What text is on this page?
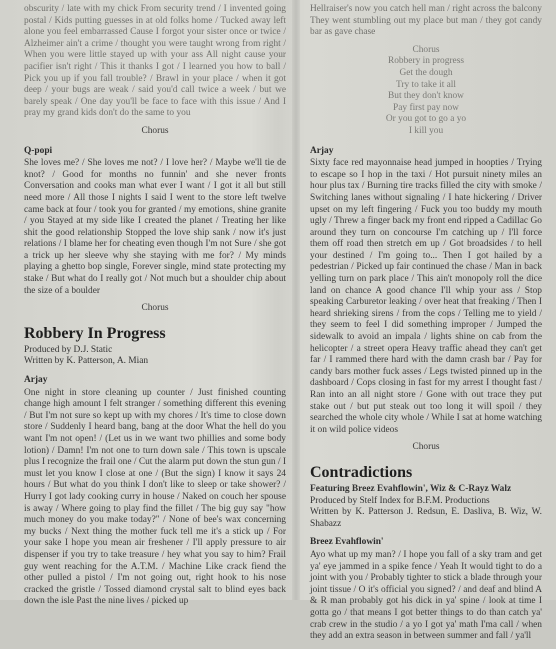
obscurity / late with my chick From security trend / I invented going postal / Kids putting guesses in at old folks home / Tucked away left alone you feel embarrassed Cause I forgot your sister once or twice / Alzheimer ain't a crime / thought you were taught wrong from right / When you were little stayed up with your ass All night cause your pacifier isn't right / This it thanks I got / I learned you how to ball / Pick you up if you fall trouble? / Brawl in your place / when it got deep / your bugs are weak / said you'd call twice a week / but we barely speak / One day you'll be face to face with this issue / And I pray my grand kids don't do the same to you

Chorus
Q-popi

She loves me? / She loves me not? / I love her? / Maybe we'll tie de knot? / Good for months no funnin' and she never fronts Conversation and cooks man what ever I want / I got it all but still need more / All those I nights I said I went to the store left twelve came back at four / took you for granted / my emotions, shine granite / you Stayed at my side like I created the planet / Treating her like shit the good relationship Stopped the love ship sank / now it's just relations / I blame her for cheating even though I'm not Sure / she got a trick up her sleeve why she staying with me for? / My minds playing a ghetto bop single, Forever single, mind state protecting my stake / But what do I really got / Not much but a shoulder chip about the size of a boulder

Chorus
Robbery In Progress
Produced by D.J. Static
Written by K. Patterson, A. Mian
Arjay

One night in store cleaning up counter / Just finished counting change high amount I felt stranger / something different this evening / But I'm not sure so kept up with my chores / It's time to close down store / Suddenly I heard bang, bang at the door What the hell do you want I'm not open! / (Let us in we want two phillies and some body lotion) / Damn! I'm not one to turn down sale / This town is upscale plus I recognize the frail one / Cut the alarm put down the stun gun / I must let you know I close at one / (But the sign) I know it says 24 hours / But what do you think I don't like to sleep or take shower? / Hurry I got lady cooking curry in house / Naked on couch her spouse is away / Where going to play find the fillet / The big guy say "how much money do you make today?" / None of bee's wax concerning my bucks / Next thing the mother fuck tell me it's a stick up / For your sake I hope you mean air freshener / I'll apply pressure to air dispenser if you try to take treasure / hey what you say to him? Frail guy went reaching for the A.T.M. / Machine Like crack fiend the other pulled a pistol / I'm not going out, right hook to his nose cracked the gristle / Tossed diamond crystal salt to blind eyes back down the isle Past the nine lives / picked up

Hellraiser's now you catch hell man / right across the balcony They went stumbling out my place but man / they got candy bar as gave chase

Chorus
Robbery in progress
Get the dough
Try to take it all
But they don't know
Pay first pay now
Or you got to go a yo
I kill you
Arjay

Sixty face red mayonnaise head jumped in hoopties / Trying to escape so I hop in the taxi / Hot pursuit ninety miles an hour plus tax / Burning tire tracks filled the city with smoke / Switching lanes without signaling / I hate hickering / Driver upset on my left fingering / Fuck you too buddy my mouth ugly / Threw a finger back my front end ripped a Cadillac Go around they turn on concourse I'm catching up / I'll force them off road then stretch em up / Got broadsides / to hell your destined / I'm going to... Then I got hailed by a pedestrian / Picked up fair continued the chase / Man in back yelling turn on park place / This ain't monopoly roll the dice land on chance A good chance I'll whip your ass / Stop speaking Carburetor leaking / over heat that freaking / Then I heard shrieking sirens / from the cops / Telling me to yield / they seem to feel I did something improper / Jumped the sidewalk to avoid an impala / lights shine on cab from the helicopter / a street opera Heavy traffic ahead they can't get far / I rammed there hard with the damn crash bar / Pay for candy bars mother fuck asses / Legs twisted pinned up in the dashboard / Cops closing in fast for my arrest I thought fast / Ran into an all night store / Gone with out trace they put stake out / but put steak out too long it will spoil / they searched the whole city whole / While I sat at home watching it on wild police videos

Chorus
Contradictions
Featuring Breez Evahflowin', Wiz & C-Rayz Walz
Produced by Stelf Index for B.F.M. Productions
Written by K. Patterson J. Redsun, E. Dasliva, B. Wiz, W. Shabazz
Breez Evahflowin'

Ayo what up my man? / I hope you fall of a sky tram and get ya' eye jammed in a spike fence / Yeah It would tight to do a joint with you / Probably tighter to stick a blade through your joint tissue / O it's official you signed? / and deaf and blind A & R man probably got his dick in ya' spine / look at time I gotta go / that means I got better things to do than catch ya' crab crew in the studio / a yo I got ya' math I'ma call / when they add an extra season in between summer and fall / ya'll
